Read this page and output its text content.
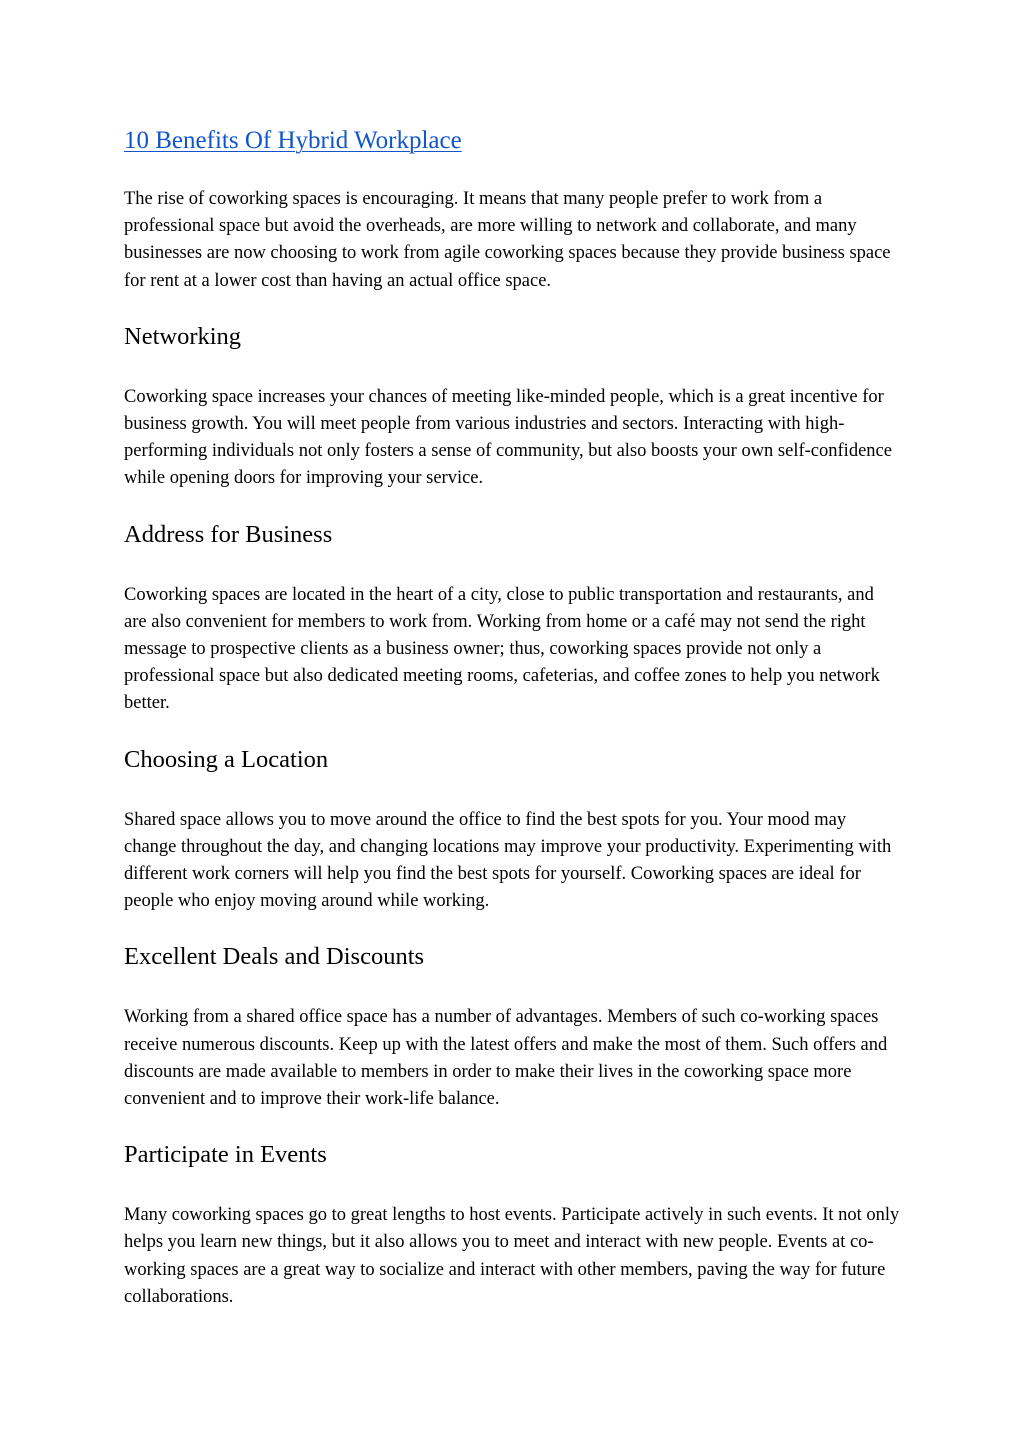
10 Benefits Of Hybrid Workplace

The rise of coworking spaces is encouraging. It means that many people prefer to work from a professional space but avoid the overheads, are more willing to network and collaborate, and many businesses are now choosing to work from agile coworking spaces because they provide business space for rent at a lower cost than having an actual office space.

Networking

Coworking space increases your chances of meeting like-minded people, which is a great incentive for business growth. You will meet people from various industries and sectors. Interacting with high-performing individuals not only fosters a sense of community, but also boosts your own self-confidence while opening doors for improving your service.

Address for Business

Coworking spaces are located in the heart of a city, close to public transportation and restaurants, and are also convenient for members to work from. Working from home or a café may not send the right message to prospective clients as a business owner; thus, coworking spaces provide not only a professional space but also dedicated meeting rooms, cafeterias, and coffee zones to help you network better.

Choosing a Location

Shared space allows you to move around the office to find the best spots for you. Your mood may change throughout the day, and changing locations may improve your productivity. Experimenting with different work corners will help you find the best spots for yourself. Coworking spaces are ideal for people who enjoy moving around while working.

Excellent Deals and Discounts

Working from a shared office space has a number of advantages. Members of such co-working spaces receive numerous discounts. Keep up with the latest offers and make the most of them. Such offers and discounts are made available to members in order to make their lives in the coworking space more convenient and to improve their work-life balance.

Participate in Events

Many coworking spaces go to great lengths to host events. Participate actively in such events. It not only helps you learn new things, but it also allows you to meet and interact with new people. Events at co-working spaces are a great way to socialize and interact with other members, paving the way for future collaborations.
